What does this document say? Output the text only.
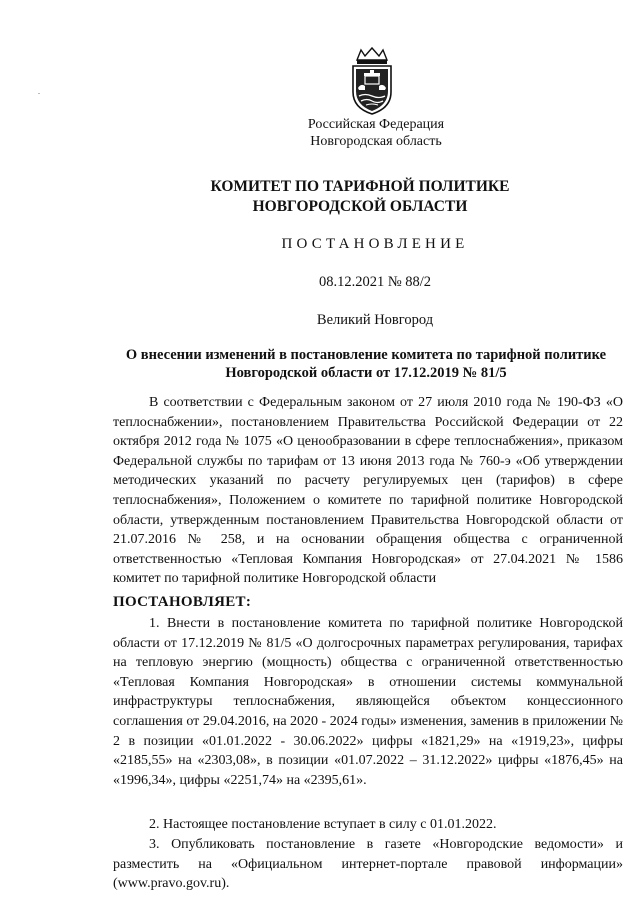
Российская Федерация
Новгородская область
КОМИТЕТ ПО ТАРИФНОЙ ПОЛИТИКЕ НОВГОРОДСКОЙ ОБЛАСТИ
ПОСТАНОВЛЕНИЕ
08.12.2021 № 88/2
Великий Новгород
О внесении изменений в постановление комитета по тарифной политике Новгородской области от 17.12.2019 № 81/5

В соответствии с Федеральным законом от 27 июля 2010 года № 190-ФЗ «О теплоснабжении», постановлением Правительства Российской Федерации от 22 октября 2012 года № 1075 «О ценообразовании в сфере теплоснабжения», приказом Федеральной службы по тарифам от 13 июня 2013 года № 760-э «Об утверждении методических указаний по расчету регулируемых цен (тарифов) в сфере теплоснабжения», Положением о комитете по тарифной политике Новгородской области, утвержденным постановлением Правительства Новгородской области от 21.07.2016 № 258, и на основании обращения общества с ограниченной ответственностью «Тепловая Компания Новгородская» от 27.04.2021 № 1586 комитет по тарифной политике Новгородской области

ПОСТАНОВЛЯЕТ:

1. Внести в постановление комитета по тарифной политике Новгородской области от 17.12.2019 № 81/5 «О долгосрочных параметрах регулирования, тарифах на тепловую энергию (мощность) общества с ограниченной ответственностью «Тепловая Компания Новгородская» в отношении системы коммунальной инфраструктуры теплоснабжения, являющейся объектом концессионного соглашения от 29.04.2016, на 2020 - 2024 годы» изменения, заменив в приложении № 2 в позиции «01.01.2022 - 30.06.2022» цифры «1821,29» на «1919,23», цифры «2185,55» на «2303,08», в позиции «01.07.2022 – 31.12.2022» цифры «1876,45» на «1996,34», цифры «2251,74» на «2395,61».

2. Настоящее постановление вступает в силу с 01.01.2022.

3. Опубликовать постановление в газете «Новгородские ведомости» и разместить на «Официальном интернет-портале правовой информации» (www.pravo.gov.ru).
